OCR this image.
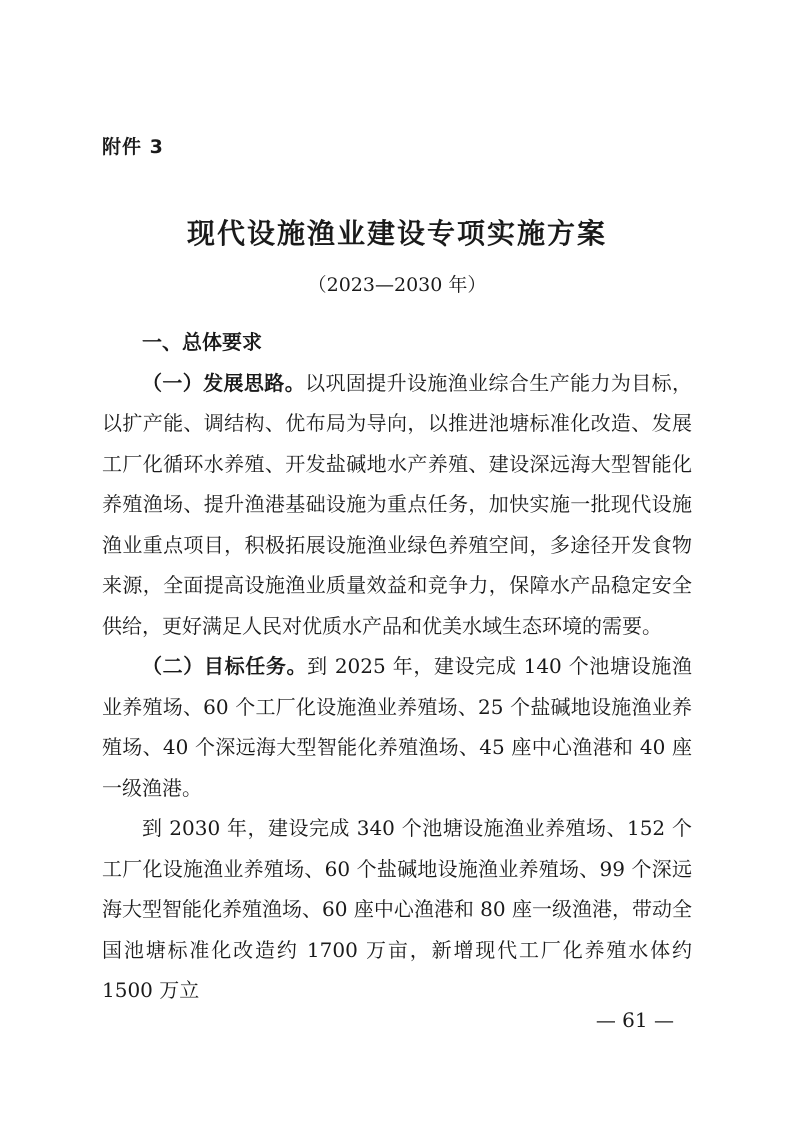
附件 3
现代设施渔业建设专项实施方案
（2023—2030 年）
一、总体要求

（一）发展思路。以巩固提升设施渔业综合生产能力为目标，以扩产能、调结构、优布局为导向，以推进池塘标准化改造、发展工厂化循环水养殖、开发盐碱地水产养殖、建设深远海大型智能化养殖渔场、提升渔港基础设施为重点任务，加快实施一批现代设施渔业重点项目，积极拓展设施渔业绿色养殖空间，多途径开发食物来源，全面提高设施渔业质量效益和竞争力，保障水产品稳定安全供给，更好满足人民对优质水产品和优美水域生态环境的需要。

（二）目标任务。到 2025 年，建设完成 140 个池塘设施渔业养殖场、60 个工厂化设施渔业养殖场、25 个盐碱地设施渔业养殖场、40 个深远海大型智能化养殖渔场、45 座中心渔港和 40 座一级渔港。

到 2030 年，建设完成 340 个池塘设施渔业养殖场、152 个工厂化设施渔业养殖场、60 个盐碱地设施渔业养殖场、99 个深远海大型智能化养殖渔场、60 座中心渔港和 80 座一级渔港，带动全国池塘标准化改造约 1700 万亩，新增现代工厂化养殖水体约 1500 万立

— 61 —
